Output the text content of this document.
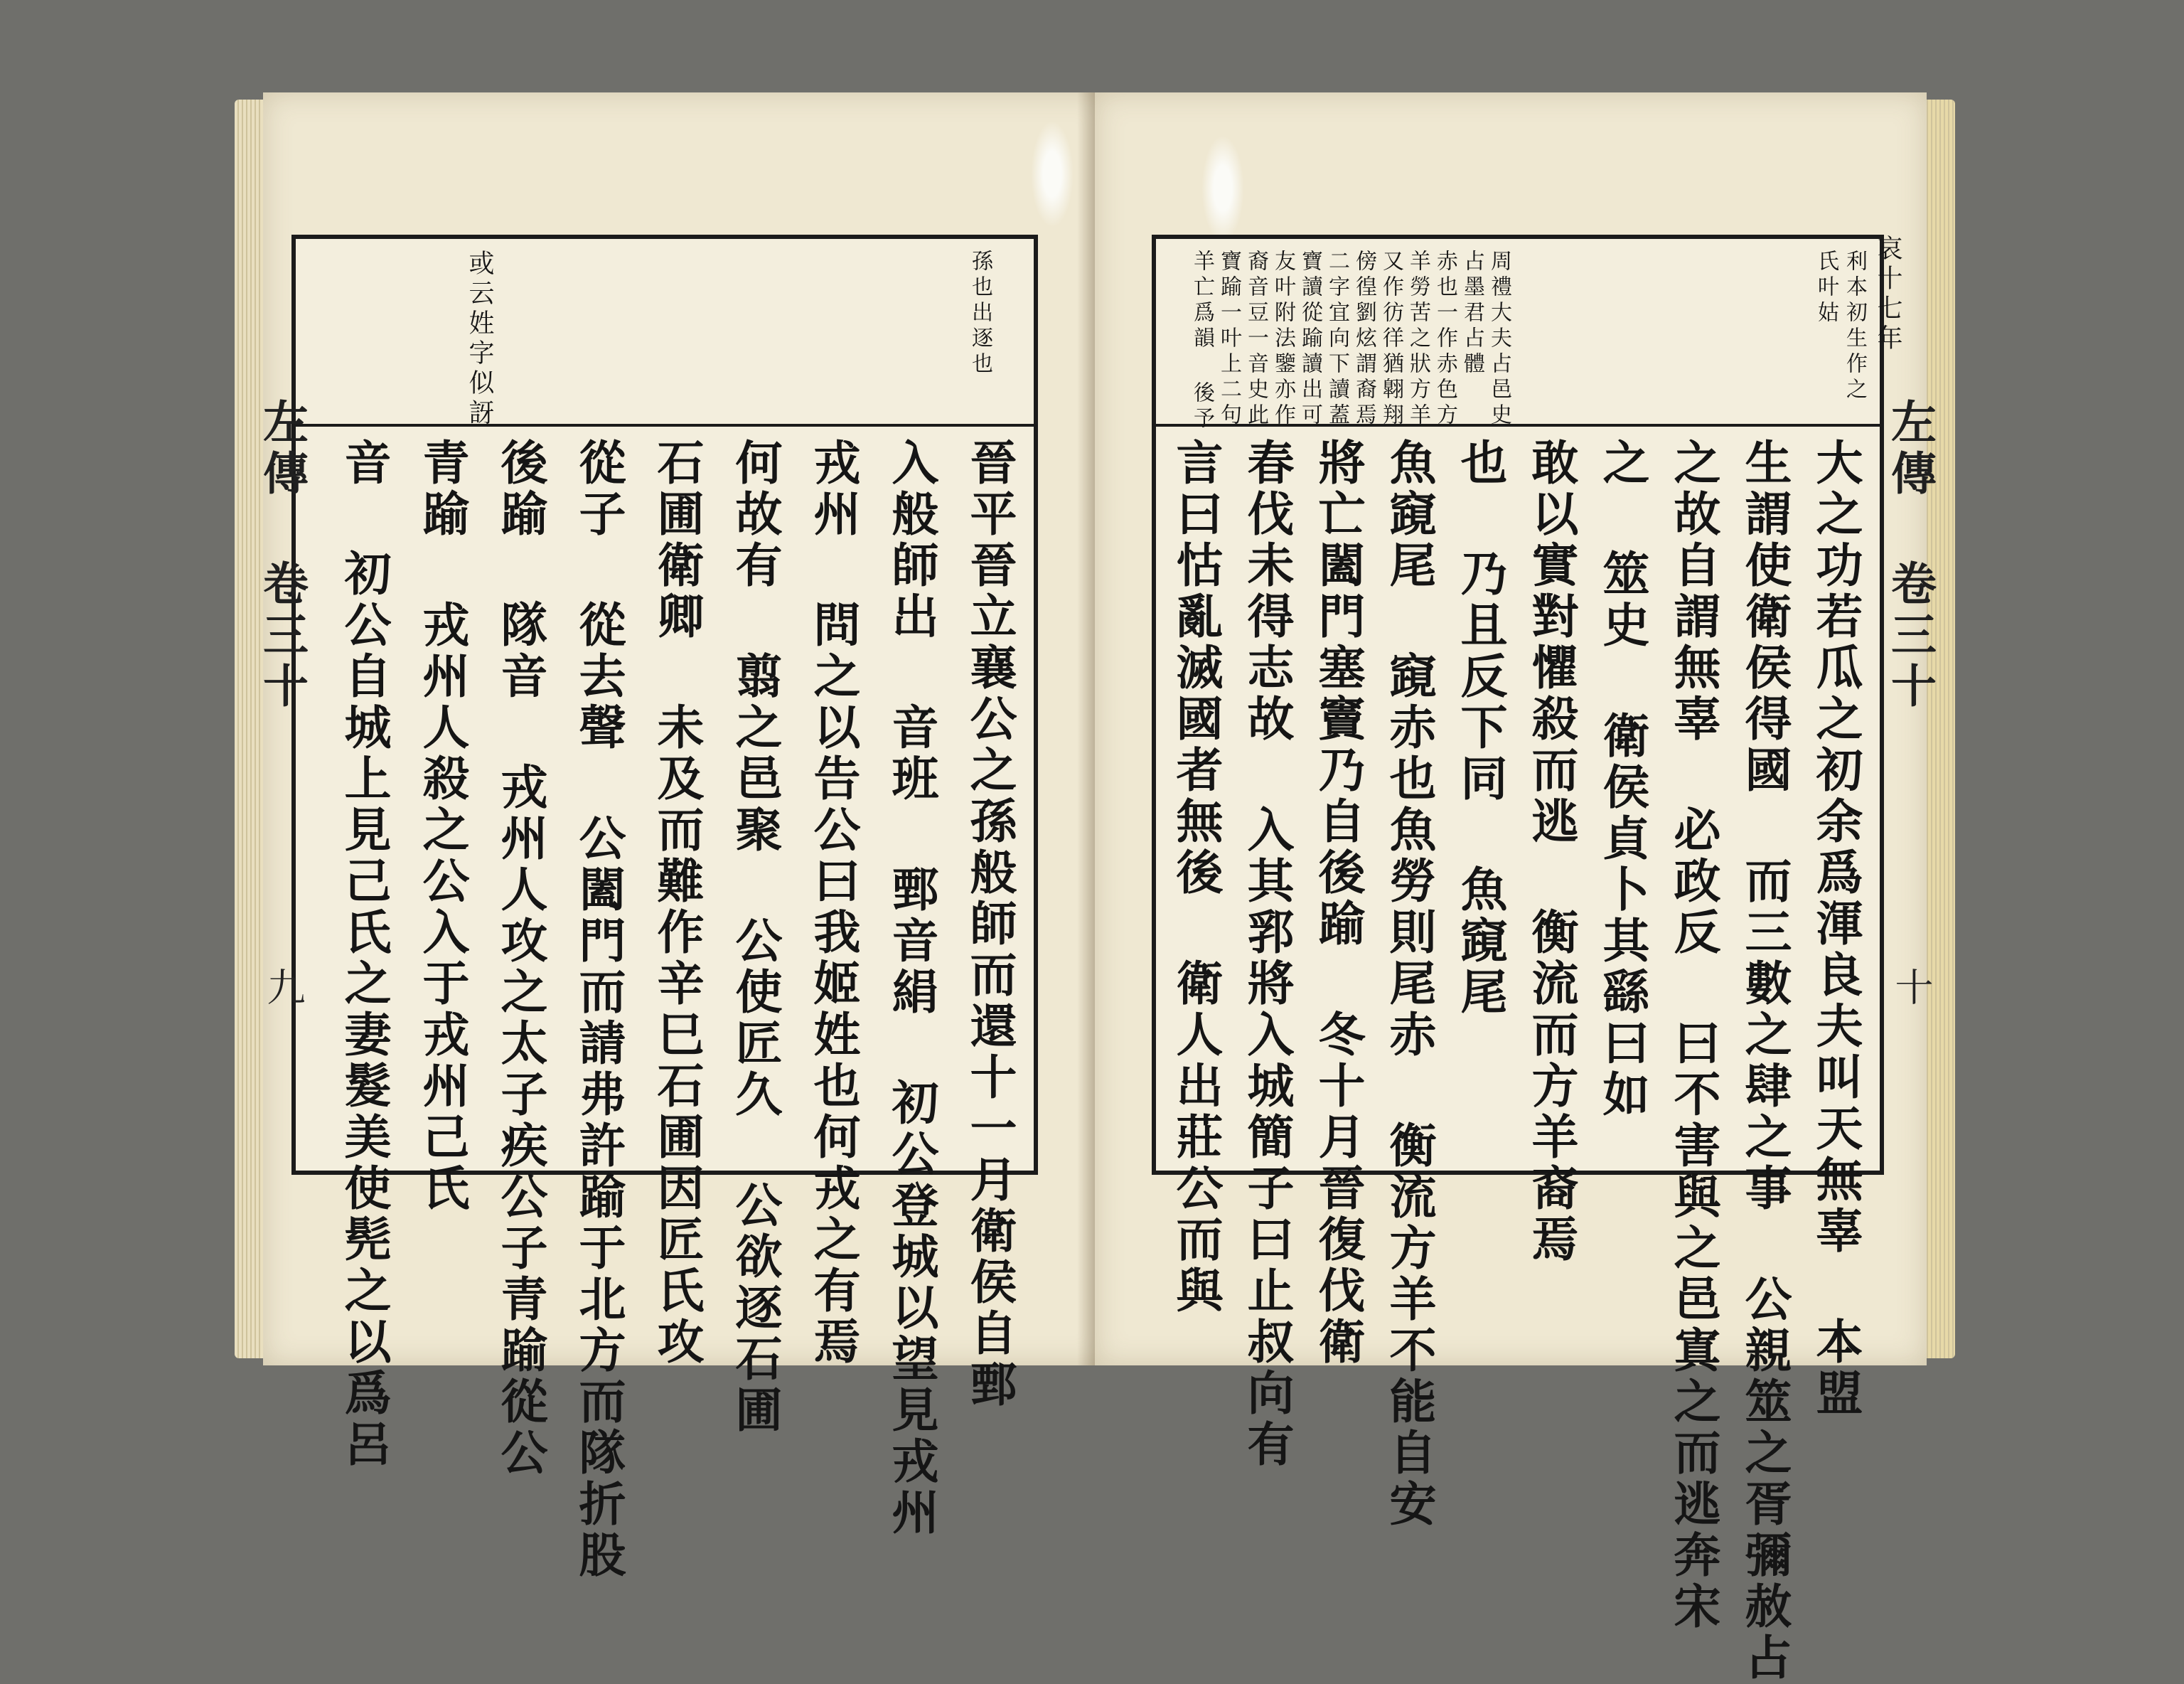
孫也出逐也
或云姓字似訝
晉平晉立襄公之孫般師而還十一月衛侯自鄄
入般師出 音班 鄄音絹 初公登城以望見戎州
戎州 問之以告公曰我姬姓也何戎之有焉
何故有 翦之邑聚 公使匠久 公欲逐石圃
石圃衛卿 未及而難作辛巳石圃因匠氏攻
從子 從去聲 公闔門而請弗許踰于北方而隊折股
後踰 隊音 戎州人攻之太子疾公子青踰從公
青踰 戎州人殺之公入于戎州己氏
音 初公自城上見己氏之妻髮美使髡之以爲呂
左傳 卷三十
九
利本初生作之
氏叶姑
周禮大夫占邑史
占墨君占體
赤也一作赤色方
羊勞苦之狀方羊
又作彷徉猶翺翔
傍徨劉炫謂裔焉
二字宜向下讀蓋
寶讀從踰讀出可
友叶附法鑒亦作
裔音豆一音史此
寶踰一叶上二句
羊亡爲韻 後予
大之功若瓜之初余爲渾良夫叫天無辜 本盟
生謂使衛侯得國 而三數之肆之事 公親筮之胥彌赦占
之故自謂無辜 必政反 曰不害與之邑寘之而逃奔宋
之 筮史 衛侯貞卜其繇曰如
敢以實對懼殺而逃 衡流而方羊裔焉
也 乃且反下同 魚竀尾
魚竀尾 竀赤也魚勞則尾赤 衡流方羊不能自安
將亡闔門塞竇乃自後踰 冬十月晉復伐衛
春伐未得志故 入其郛將入城簡子曰止叔向有
言曰怙亂滅國者無後 衛人出莊公而與
哀十七年
左傳 卷三十
十
